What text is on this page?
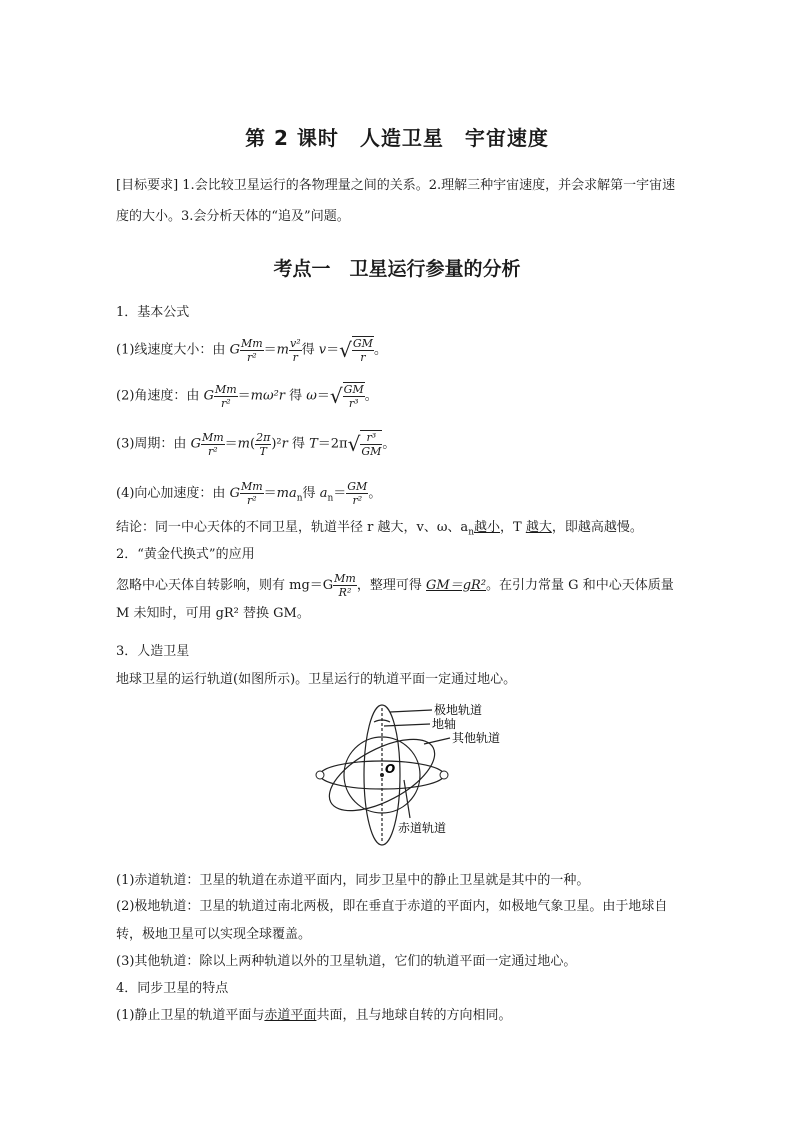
第 2 课时　人造卫星　宇宙速度
[目标要求] 1.会比较卫星运行的各物理量之间的关系。2.理解三种宇宙速度，并会求解第一宇宙速度的大小。3.会分析天体的“追及”问题。
考点一　卫星运行参量的分析
1．基本公式
(1)线速度大小：由 G $\frac{Mm}{\text{r²}} =m \frac{\text{v²}}{r}$ 得 $v=√ \frac{GM}{r}$ 。
(2)角速度：由 G $\frac{Mm}{\text{r²}} =m\omega^2r$ 得 $\omega=√ \frac{GM}{\text{r³}}$ 。
(3)周期：由 G $\frac{Mm}{\text{r²}} =m( \frac{2\pi}{T} )^2r$ 得 $T=2\pi√ \frac{\text{r³}}{GM}$ 。
(4)向心加速度：由 G $\frac{Mm}{\text{r²}} =ma_n$得 $a_n= \frac{GM}{\text{r²}}$ 。
结论：同一中心天体的不同卫星，轨道半径 r 越大，v、ω、$a_n$越小，T 越大，即越高越慢。
2．“黄金代换式”的应用
忽略中心天体自转影响，则有 $mg=G \frac{Mm}{\text{R²}}$ ，整理可得 GM＝gR²。在引力常量 G 和中心天体质量 M 未知时，可用 gR² 替换 GM。
3．人造卫星
地球卫星的运行轨道(如图所示)。卫星运行的轨道平面一定通过地心。
极地轨道
地轴
其他轨道
O
赤道轨道
(1)赤道轨道：卫星的轨道在赤道平面内，同步卫星中的静止卫星就是其中的一种。
(2)极地轨道：卫星的轨道过南北两极，即在垂直于赤道的平面内，如极地气象卫星。由于地球自转，极地卫星可以实现全球覆盖。
(3)其他轨道：除以上两种轨道以外的卫星轨道，它们的轨道平面一定通过地心。
4．同步卫星的特点
(1)静止卫星的轨道平面与赤道平面共面，且与地球自转的方向相同。
